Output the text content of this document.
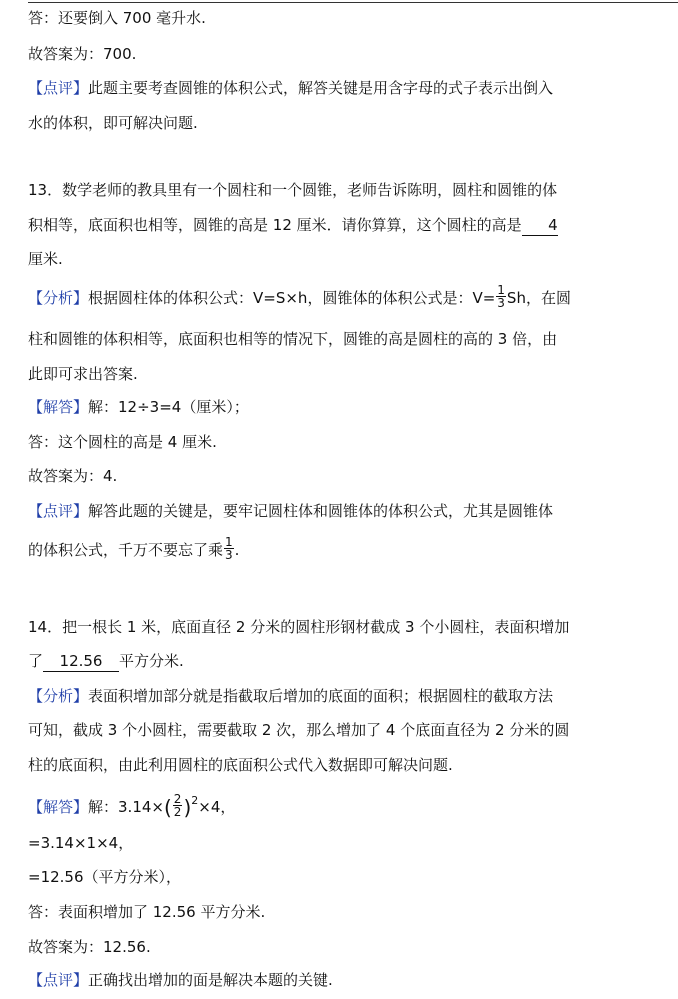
答：还要倒入 700 毫升水.
故答案为：700.
【点评】此题主要考查圆锥的体积公式，解答关键是用含字母的式子表示出倒入
水的体积，即可解决问题.
13．数学老师的教具里有一个圆柱和一个圆锥，老师告诉陈明，圆柱和圆锥的体
积相等，底面积也相等，圆锥的高是 12 厘米．请你算算，这个圆柱的高是 4
厘米.
【分析】根据圆柱体的体积公式：V=S×h，圆锥体的体积公式是：$V= \frac{1}{3}$ Sh，在圆
柱和圆锥的体积相等，底面积也相等的情况下，圆锥的高是圆柱的高的 3 倍，由
此即可求出答案.
【解答】解：12÷3=4（厘米）；
答：这个圆柱的高是 4 厘米.
故答案为：4.
【点评】解答此题的关键是，要牢记圆柱体和圆锥体的体积公式，尤其是圆锥体
的体积公式，千万不要忘了乘 $\frac{1}{3}$ .
14．把一根长 1 米，底面直径 2 分米的圆柱形钢材截成 3 个小圆柱，表面积增加
了 12.56 平方分米.
【分析】表面积增加部分就是指截取后增加的底面的面积；根据圆柱的截取方法
可知，截成 3 个小圆柱，需要截取 2 次，那么增加了 4 个底面直径为 2 分米的圆
柱的底面积，由此利用圆柱的底面积公式代入数据即可解决问题.
【解答】解：$3.14\times( \frac{2}{2} )^2\times 4$，
=3.14×1×4，
=12.56（平方分米），
答：表面积增加了 12.56 平方分米.
故答案为：12.56.
【点评】正确找出增加的面是解决本题的关键.
